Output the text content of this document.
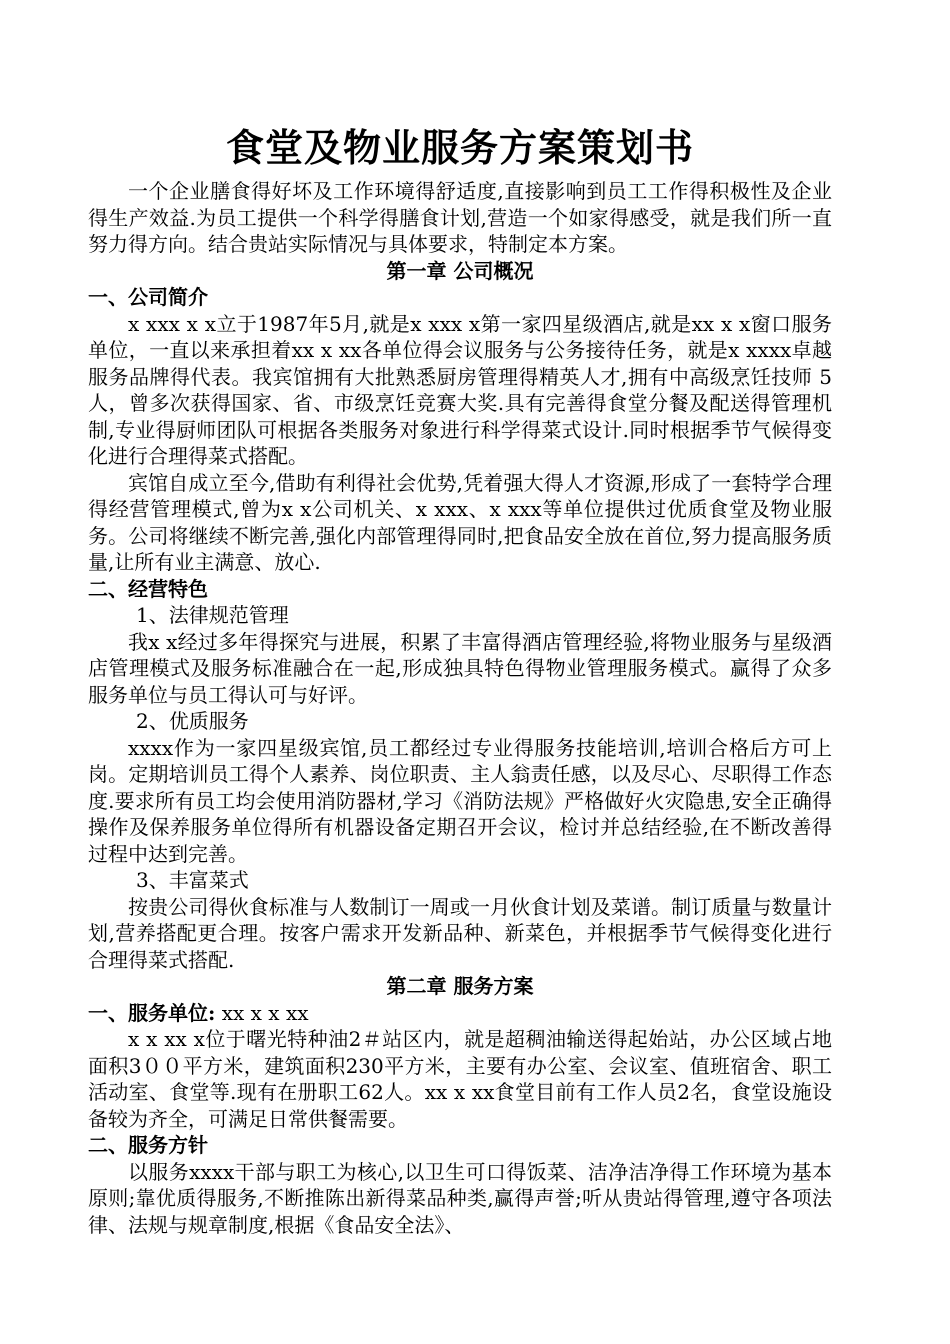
食堂及物业服务方案策划书

一个企业膳食得好坏及工作环境得舒适度,直接影响到员工工作得积极性及企业得生产效益.为员工提供一个科学得膳食计划,营造一个如家得感受，就是我们所一直努力得方向。结合贵站实际情况与具体要求，特制定本方案。

第一章 公司概况
一、公司简介

x xxx x x立于1987年5月,就是x xxx x第一家四星级酒店,就是xx x x窗口服务单位，一直以来承担着xx x xx各单位得会议服务与公务接待任务，就是x xxxx卓越服务品牌得代表。我宾馆拥有大批熟悉厨房管理得精英人才,拥有中高级烹饪技师 5人，曾多次获得国家、省、市级烹饪竞赛大奖.具有完善得食堂分餐及配送得管理机制,专业得厨师团队可根据各类服务对象进行科学得菜式设计.同时根据季节气候得变化进行合理得菜式搭配。

宾馆自成立至今,借助有利得社会优势,凭着强大得人才资源,形成了一套特学合理得经营管理模式,曾为x x公司机关、x xxx、x xxx等单位提供过优质食堂及物业服务。公司将继续不断完善,强化内部管理得同时,把食品安全放在首位,努力提高服务质量,让所有业主满意、放心.

二、经营特色

1、法律规范管理

我x x经过多年得探究与进展，积累了丰富得酒店管理经验,将物业服务与星级酒店管理模式及服务标准融合在一起,形成独具特色得物业管理服务模式。赢得了众多服务单位与员工得认可与好评。

2、优质服务

xxxx作为一家四星级宾馆,员工都经过专业得服务技能培训,培训合格后方可上岗。定期培训员工得个人素养、岗位职责、主人翁责任感，以及尽心、尽职得工作态度.要求所有员工均会使用消防器材,学习《消防法规》严格做好火灾隐患,安全正确得操作及保养服务单位得所有机器设备定期召开会议，检讨并总结经验,在不断改善得过程中达到完善。

3、丰富菜式

按贵公司得伙食标准与人数制订一周或一月伙食计划及菜谱。制订质量与数量计划,营养搭配更合理。按客户需求开发新品种、新菜色，并根据季节气候得变化进行合理得菜式搭配.

第二章 服务方案
一、服务单位: xx x x xx

x x xx x位于曙光特种油2＃站区内，就是超稠油输送得起始站，办公区域占地面积3００平方米，建筑面积230平方米，主要有办公室、会议室、值班宿舍、职工活动室、食堂等.现有在册职工62人。xx x xx食堂目前有工作人员2名，食堂设施设备较为齐全，可满足日常供餐需要。

二、服务方针

以服务xxxx干部与职工为核心,以卫生可口得饭菜、洁净洁净得工作环境为基本原则;靠优质得服务,不断推陈出新得菜品种类,赢得声誉;听从贵站得管理,遵守各项法律、法规与规章制度,根据《食品安全法》、
